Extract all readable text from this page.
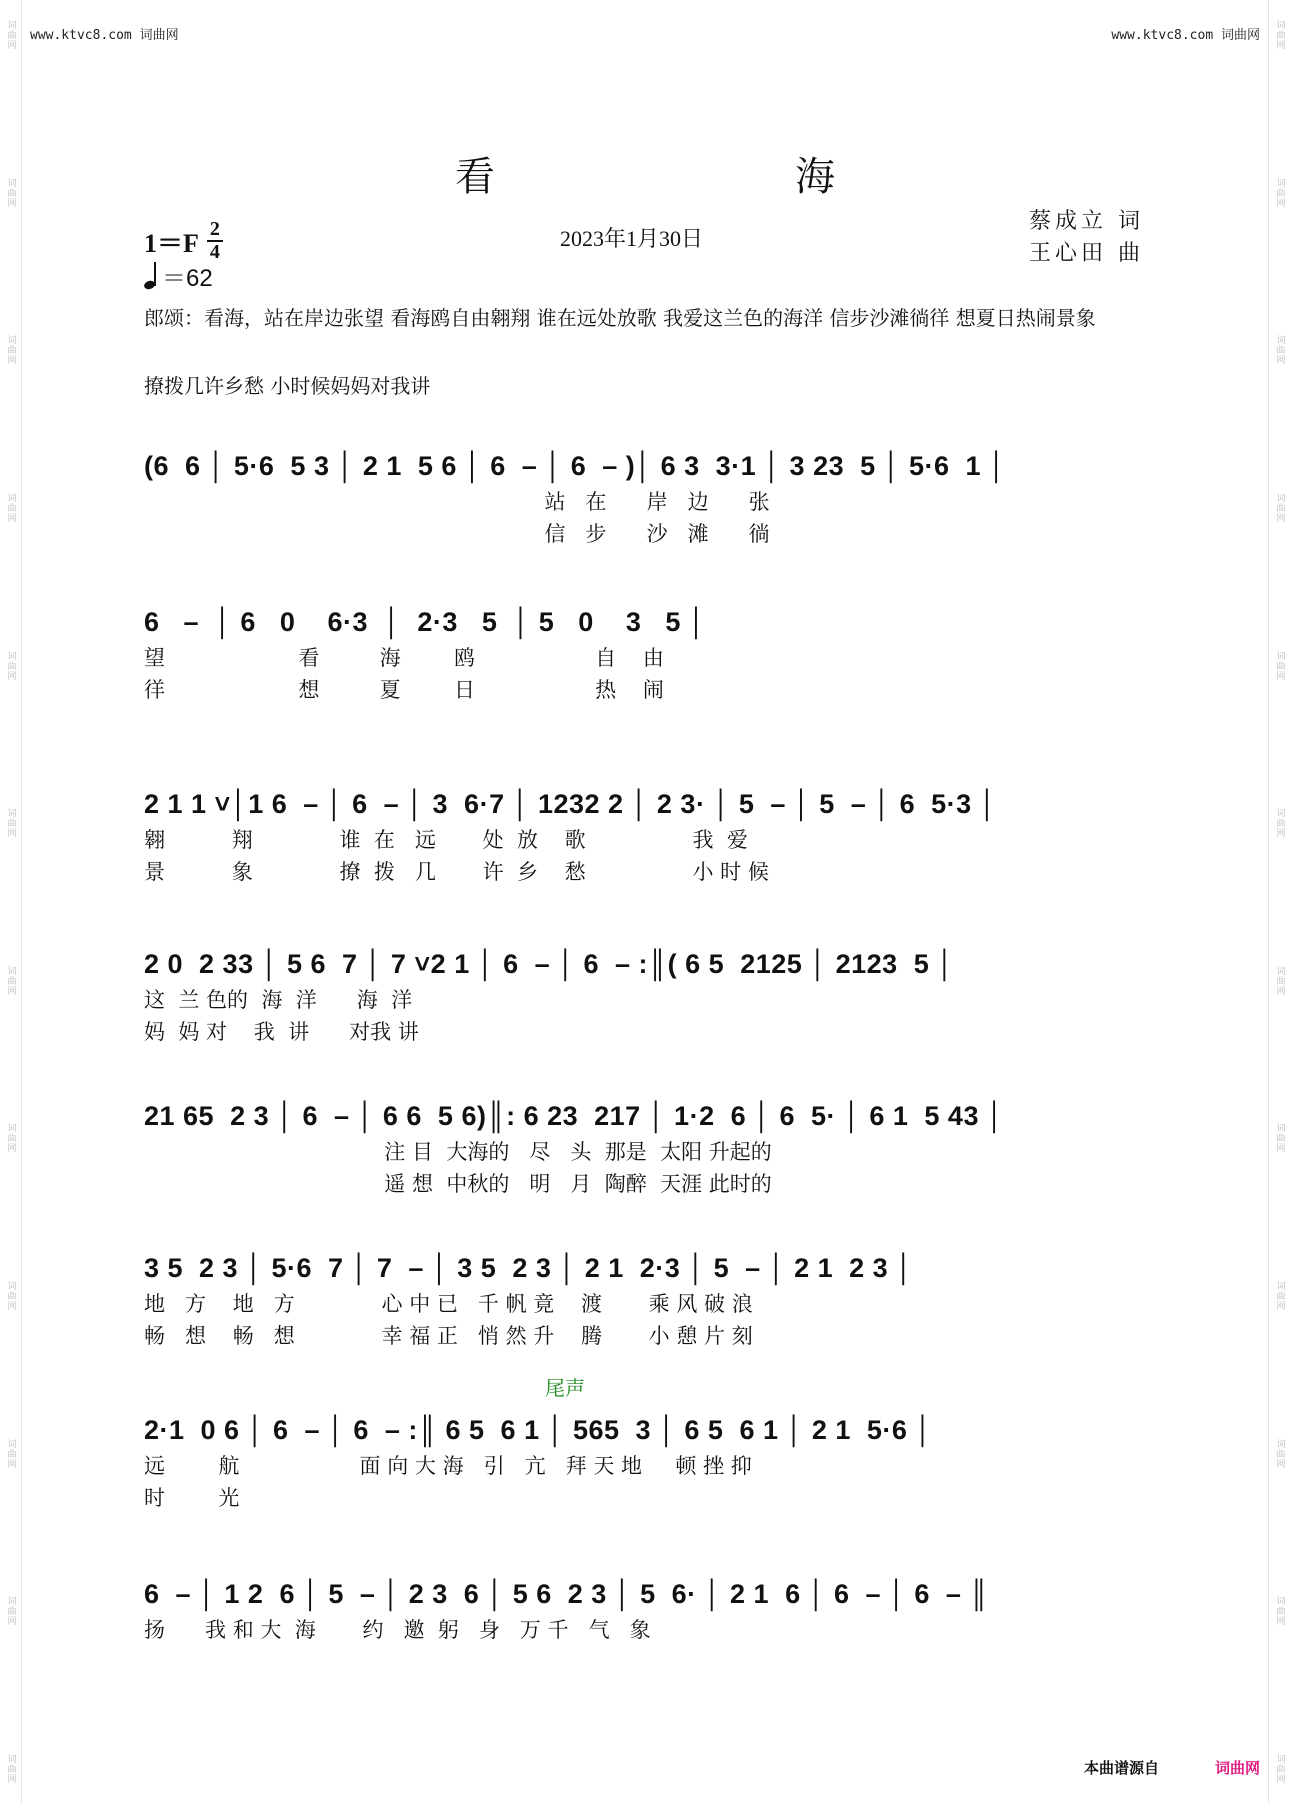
词曲网
词曲网
词曲网
词曲网
词曲网
词曲网
词曲网
词曲网
词曲网
词曲网
词曲网
词曲网
词曲网
词曲网
词曲网
词曲网
词曲网
词曲网
词曲网
词曲网
词曲网
词曲网
词曲网
词曲网
www.ktvc8.com 词曲网	www.ktvc8.com 词曲网
看	海
$1=F \frac{2}{4}$
＝62
2023年1月30日
蔡成立 词
王心田 曲
郎颂：看海，站在岸边张望 看海鸥自由翱翔 谁在远处放歌 我爱这兰色的海洋 信步沙滩徜徉 想夏日热闹景象
撩拨几许乡愁 小时候妈妈对我讲
(6  6 │ 5·6  5 3 │ 2 1  5 6 │ 6  – │ 6  – )│ 6 3  3·1 │ 3 23  5 │ 5·6  1 │
站   在      岸   边      张
信   步      沙   滩      徜
6   –  │ 6   0    6·3  │  2·3   5  │ 5   0    3   5 │
望                    看         海        鸥                  自    由
徉                    想         夏        日                  热    闹
2 1 1 ˅│1 6  – │ 6  – │ 3  6·7 │ 1232 2 │ 2 3· │ 5  – │ 5  – │ 6  5·3 │
翱          翔             谁  在   远       处  放    歌                我  爱
景          象             撩  拨   几       许  乡    愁                小 时 候
2 0  2 33 │ 5 6  7 │ 7 ˅2 1 │ 6  – │ 6  – :║( 6 5  2125 │ 2123  5 │
这  兰 色的  海  洋      海  洋
妈  妈 对    我  讲      对我 讲
21 65  2 3 │ 6  – │ 6 6  5 6)║: 6 23  217 │ 1·2  6 │ 6  5· │ 6 1  5 43 │
注 目  大海的   尽   头  那是  太阳 升起的
遥 想  中秋的   明   月  陶醉  天涯 此时的
3 5  2 3 │ 5·6  7 │ 7  – │ 3 5  2 3 │ 2 1  2·3 │ 5  – │ 2 1  2 3 │
地   方    地   方             心 中 已   千 帆 竟    渡       乘 风 破 浪
畅   想    畅   想             幸 福 正   悄 然 升    腾       小 憩 片 刻
尾声
2·1  0 6 │ 6  – │ 6  – :║ 6 5  6 1 │ 565  3 │ 6 5  6 1 │ 2 1  5·6 │
远        航                  面 向 大 海   引   亢   拜 天 地     顿 挫 抑
时        光
6  – │ 1 2  6 │ 5  – │ 2 3  6 │ 5 6  2 3 │ 5  6· │ 2 1  6 │ 6  – │ 6  – ║
扬      我 和 大  海       约   邀  躬   身   万 千   气   象
本曲谱源自	词曲网
